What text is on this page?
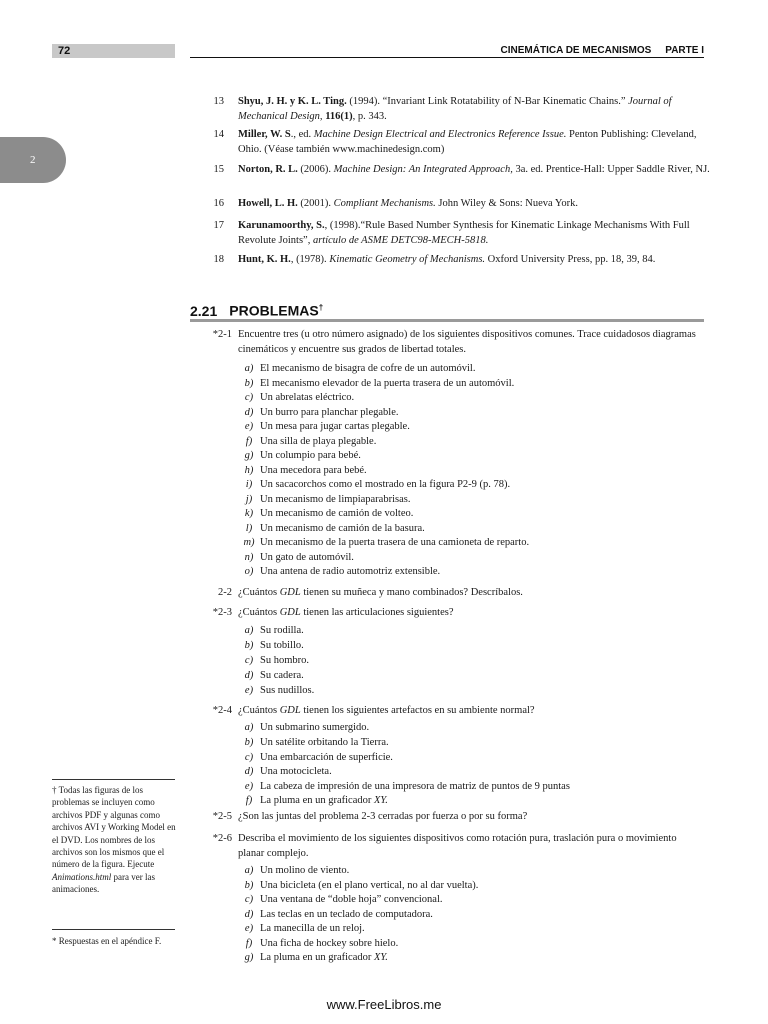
72	CINEMÁTICA DE MECANISMOS PARTE I
2
13 Shyu, J. H. y K. L. Ting. (1994). “Invariant Link Rotatability of N-Bar Kinematic Chains.” Journal of Mechanical Design, 116(1), p. 343.
14 Miller, W. S., ed. Machine Design Electrical and Electronics Reference Issue. Penton Publishing: Cleveland, Ohio. (Véase también www.machinedesign.com)
15 Norton, R. L. (2006). Machine Design: An Integrated Approach, 3a. ed. Prentice-Hall: Upper Saddle River, NJ.
16 Howell, L. H. (2001). Compliant Mechanisms. John Wiley & Sons: Nueva York.
17 Karunamoorthy, S., (1998).“Rule Based Number Synthesis for Kinematic Linkage Mechanisms With Full Revolute Joints”, artículo de ASME DETC98-MECH-5818.
18 Hunt, K. H., (1978). Kinematic Geometry of Mechanisms. Oxford University Press, pp. 18, 39, 84.
2.21 PROBLEMAS†
*2-1 Encuentre tres (u otro número asignado) de los siguientes dispositivos comunes. Trace cuidadosos diagramas cinemáticos y encuentre sus grados de libertad totales.
a) El mecanismo de bisagra de cofre de un automóvil.
b) El mecanismo elevador de la puerta trasera de un automóvil.
c) Un abrelatas eléctrico.
d) Un burro para planchar plegable.
e) Un mesa para jugar cartas plegable.
f) Una silla de playa plegable.
g) Un columpio para bebé.
h) Una mecedora para bebé.
i) Un sacacorchos como el mostrado en la figura P2-9 (p. 78).
j) Un mecanismo de limpiaparabrisas.
k) Un mecanismo de camión de volteo.
l) Un mecanismo de camión de la basura.
m) Un mecanismo de la puerta trasera de una camioneta de reparto.
n) Un gato de automóvil.
o) Una antena de radio automotriz extensible.
2-2 ¿Cuántos GDL tienen su muñeca y mano combinados? Descríbalos.
*2-3 ¿Cuántos GDL tienen las articulaciones siguientes?
a) Su rodilla.
b) Su tobillo.
c) Su hombro.
d) Su cadera.
e) Sus nudillos.
*2-4 ¿Cuántos GDL tienen los siguientes artefactos en su ambiente normal?
a) Un submarino sumergido.
b) Un satélite orbitando la Tierra.
c) Una embarcación de superficie.
d) Una motocicleta.
e) La cabeza de impresión de una impresora de matriz de puntos de 9 puntas
f) La pluma en un graficador XY.
*2-5 ¿Son las juntas del problema 2-3 cerradas por fuerza o por su forma?
*2-6 Describa el movimiento de los siguientes dispositivos como rotación pura, traslación pura o movimiento planar complejo.
a) Un molino de viento.
b) Una bicicleta (en el plano vertical, no al dar vuelta).
c) Una ventana de “doble hoja” convencional.
d) Las teclas en un teclado de computadora.
e) La manecilla de un reloj.
f) Una ficha de hockey sobre hielo.
g) La pluma en un graficador XY.
† Todas las figuras de los problemas se incluyen como archivos PDF y algunas como archivos AVI y Working Model en el DVD. Los nombres de los archivos son los mismos que el número de la figura. Ejecute Animations.html para ver las animaciones.
* Respuestas en el apéndice F.
www.FreeLibros.me
